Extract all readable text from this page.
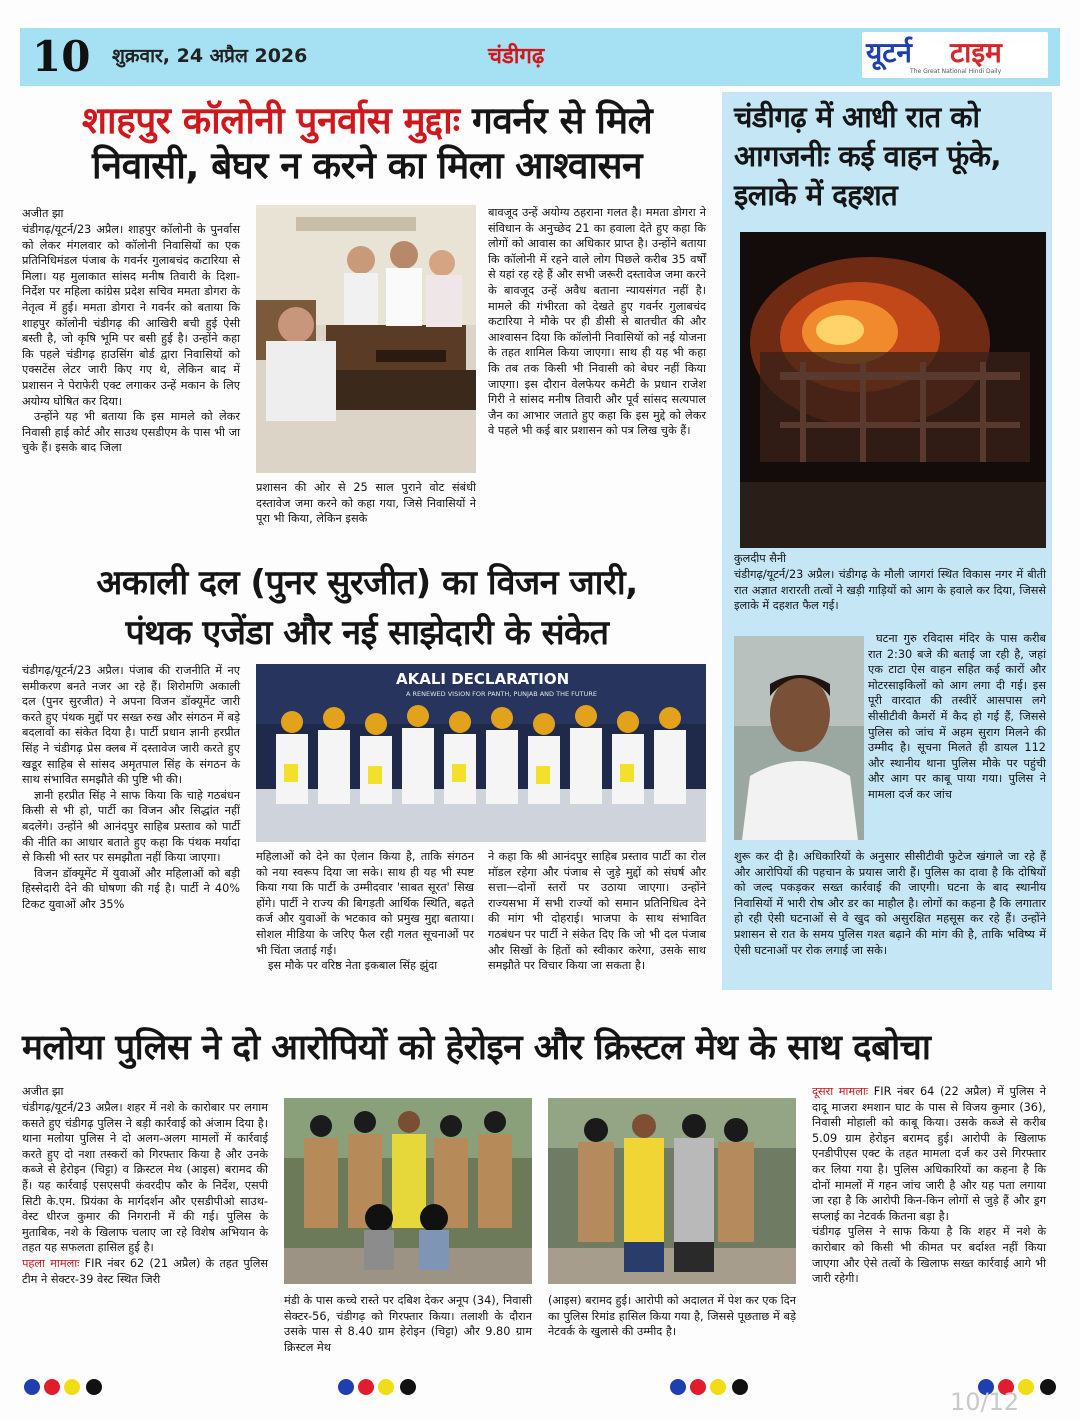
10 शुक्रवार, 24 अप्रैल 2026	चंडीगढ़	यूटर्न टाइम
The Great National Hindi Daily
शाहपुर कॉलोनी पुनर्वास मुद्दाः गवर्नर से मिले
निवासी, बेघर न करने का मिला आश्वासन
अजीत झा

चंडीगढ़/यूटर्न/23 अप्रैल। शाहपुर कॉलोनी के पुनर्वास को लेकर मंगलवार को कॉलोनी निवासियों का एक प्रतिनिधिमंडल पंजाब के गवर्नर गुलाबचंद कटारिया से मिला। यह मुलाकात सांसद मनीष तिवारी के दिशा-निर्देश पर महिला कांग्रेस प्रदेश सचिव ममता डोगरा के नेतृत्व में हुई। ममता डोगरा ने गवर्नर को बताया कि शाहपुर कॉलोनी चंडीगढ़ की आखिरी बची हुई ऐसी बस्ती है, जो कृषि भूमि पर बसी हुई है। उन्होंने कहा कि पहले चंडीगढ़ हाउसिंग बोर्ड द्वारा निवासियों को एक्सटेंस लेटर जारी किए गए थे, लेकिन बाद में प्रशासन ने पेराफेरी एक्ट लगाकर उन्हें मकान के लिए अयोग्य घोषित कर दिया।

उन्होंने यह भी बताया कि इस मामले को लेकर निवासी हाई कोर्ट और साउथ एसडीएम के पास भी जा चुके हैं। इसके बाद जिला

प्रशासन की ओर से 25 साल पुराने वोट संबंधी दस्तावेज जमा करने को कहा गया, जिसे निवासियों ने पूरा भी किया, लेकिन इसके
बावजूद उन्हें अयोग्य ठहराना गलत है। ममता डोगरा ने संविधान के अनुच्छेद 21 का हवाला देते हुए कहा कि लोगों को आवास का अधिकार प्राप्त है। उन्होंने बताया कि कॉलोनी में रहने वाले लोग पिछले करीब 35 वर्षों से यहां रह रहे हैं और सभी जरूरी दस्तावेज जमा करने के बावजूद उन्हें अवैध बताना न्यायसंगत नहीं है। मामले की गंभीरता को देखते हुए गवर्नर गुलाबचंद कटारिया ने मौके पर ही डीसी से बातचीत की और आश्वासन दिया कि कॉलोनी निवासियों को नई योजना के तहत शामिल किया जाएगा। साथ ही यह भी कहा कि तब तक किसी भी निवासी को बेघर नहीं किया जाएगा। इस दौरान वेलफेयर कमेटी के प्रधान राजेश गिरी ने सांसद मनीष तिवारी और पूर्व सांसद सत्यपाल जैन का आभार जताते हुए कहा कि इस मुद्दे को लेकर वे पहले भी कई बार प्रशासन को पत्र लिख चुके हैं।
चंडीगढ़ में आधी रात को आगजनीः कई वाहन फूंके, इलाके में दहशत
कुलदीप सैनी
चंडीगढ़/यूटर्न/23 अप्रैल। चंडीगढ़ के मौली जागरां स्थित विकास नगर में बीती रात अज्ञात शरारती तत्वों ने खड़ी गाड़ियों को आग के हवाले कर दिया, जिससे इलाके में दहशत फैल गई।
घटना गुरु रविदास मंदिर के पास करीब रात 2:30 बजे की बताई जा रही है, जहां एक टाटा ऐस वाहन सहित कई कारों और मोटरसाइकिलों को आग लगा दी गई। इस पूरी वारदात की तस्वीरें आसपास लगे सीसीटीवी कैमरों में कैद हो गई हैं, जिससे पुलिस को जांच में अहम सुराग मिलने की उम्मीद है। सूचना मिलते ही डायल 112 और स्थानीय थाना पुलिस मौके पर पहुंची और आग पर काबू पाया गया। पुलिस ने मामला दर्ज कर जांच
शुरू कर दी है। अधिकारियों के अनुसार सीसीटीवी फुटेज खंगाले जा रहे हैं और आरोपियों की पहचान के प्रयास जारी हैं। पुलिस का दावा है कि दोषियों को जल्द पकड़कर सख्त कार्रवाई की जाएगी। घटना के बाद स्थानीय निवासियों में भारी रोष और डर का माहौल है। लोगों का कहना है कि लगातार हो रही ऐसी घटनाओं से वे खुद को असुरक्षित महसूस कर रहे हैं। उन्होंने प्रशासन से रात के समय पुलिस गश्त बढ़ाने की मांग की है, ताकि भविष्य में ऐसी घटनाओं पर रोक लगाई जा सके।
अकाली दल (पुनर सुरजीत) का विजन जारी,
पंथक एजेंडा और नई साझेदारी के संकेत

चंडीगढ़/यूटर्न/23 अप्रैल। पंजाब की राजनीति में नए समीकरण बनते नजर आ रहे हैं। शिरोमणि अकाली दल (पुनर सुरजीत) ने अपना विजन डॉक्यूमेंट जारी करते हुए पंथक मुद्दों पर सख्त रुख और संगठन में बड़े बदलावों का संकेत दिया है। पार्टी प्रधान ज्ञानी हरप्रीत सिंह ने चंडीगढ़ प्रेस क्लब में दस्तावेज जारी करते हुए खडूर साहिब से सांसद अमृतपाल सिंह के संगठन के साथ संभावित समझौते की पुष्टि भी की।

ज्ञानी हरप्रीत सिंह ने साफ किया कि चाहे गठबंधन किसी से भी हो, पार्टी का विजन और सिद्धांत नहीं बदलेंगे। उन्होंने श्री आनंदपुर साहिब प्रस्ताव को पार्टी की नीति का आधार बताते हुए कहा कि पंथक मर्यादा से किसी भी स्तर पर समझौता नहीं किया जाएगा।

विजन डॉक्यूमेंट में युवाओं और महिलाओं को बड़ी हिस्सेदारी देने की घोषणा की गई है। पार्टी ने 40% टिकट युवाओं और 35%

AKALI DECLARATION
A RENEWED VISION FOR PANTH, PUNJAB AND THE FUTURE

महिलाओं को देने का ऐलान किया है, ताकि संगठन को नया स्वरूप दिया जा सके। साथ ही यह भी स्पष्ट किया गया कि पार्टी के उम्मीदवार 'साबत सूरत' सिख होंगे। पार्टी ने राज्य की बिगड़ती आर्थिक स्थिति, बढ़ते कर्ज और युवाओं के भटकाव को प्रमुख मुद्दा बताया। सोशल मीडिया के जरिए फैल रही गलत सूचनाओं पर भी चिंता जताई गई।

इस मौके पर वरिष्ठ नेता इकबाल सिंह झुंदा

ने कहा कि श्री आनंदपुर साहिब प्रस्ताव पार्टी का रोल मॉडल रहेगा और पंजाब से जुड़े मुद्दों को संघर्ष और सत्ता—दोनों स्तरों पर उठाया जाएगा। उन्होंने राज्यसभा में सभी राज्यों को समान प्रतिनिधित्व देने की मांग भी दोहराई। भाजपा के साथ संभावित गठबंधन पर पार्टी ने संकेत दिए कि जो भी दल पंजाब और सिखों के हितों को स्वीकार करेगा, उसके साथ समझौते पर विचार किया जा सकता है।
मलोया पुलिस ने दो आरोपियों को हेरोइन और क्रिस्टल मेथ के साथ दबोचा
अजीत झा

चंडीगढ़/यूटर्न/23 अप्रैल। शहर में नशे के कारोबार पर लगाम कसते हुए चंडीगढ़ पुलिस ने बड़ी कार्रवाई को अंजाम दिया है। थाना मलोया पुलिस ने दो अलग-अलग मामलों में कार्रवाई करते हुए दो नशा तस्करों को गिरफ्तार किया है और उनके कब्जे से हेरोइन (चिट्टा) व क्रिस्टल मेथ (आइस) बरामद की हैं। यह कार्रवाई एसएसपी कंवरदीप कौर के निर्देश, एसपी सिटी के.एम. प्रियंका के मार्गदर्शन और एसडीपीओ साउथ-वेस्ट धीरज कुमार की निगरानी में की गई। पुलिस के मुताबिक, नशे के खिलाफ चलाए जा रहे विशेष अभियान के तहत यह सफलता हासिल हुई है।

पहला मामलाः FIR नंबर 62 (21 अप्रैल) के तहत पुलिस टीम ने सेक्टर-39 वेस्ट स्थित जिरी

मंडी के पास कच्चे रास्ते पर दबिश देकर अनूप (34), निवासी सेक्टर-56, चंडीगढ़ को गिरफ्तार किया। तलाशी के दौरान उसके पास से 8.40 ग्राम हेरोइन (चिट्टा) और 9.80 ग्राम क्रिस्टल मेथ
(आइस) बरामद हुई। आरोपी को अदालत में पेश कर एक दिन का पुलिस रिमांड हासिल किया गया है, जिससे पूछताछ में बड़े नेटवर्क के खुलासे की उम्मीद है।

दूसरा मामलाः FIR नंबर 64 (22 अप्रैल) में पुलिस ने दादू माजरा श्मशान घाट के पास से विजय कुमार (36), निवासी मोहाली को काबू किया। उसके कब्जे से करीब 5.09 ग्राम हेरोइन बरामद हुई। आरोपी के खिलाफ एनडीपीएस एक्ट के तहत मामला दर्ज कर उसे गिरफ्तार कर लिया गया है। पुलिस अधिकारियों का कहना है कि दोनों मामलों में गहन जांच जारी है और यह पता लगाया जा रहा है कि आरोपी किन-किन लोगों से जुड़े हैं और ड्रग सप्लाई का नेटवर्क कितना बड़ा है।

चंडीगढ़ पुलिस ने साफ किया है कि शहर में नशे के कारोबार को किसी भी कीमत पर बर्दाश्त नहीं किया जाएगा और ऐसे तत्वों के खिलाफ सख्त कार्रवाई आगे भी जारी रहेगी।

10/12
